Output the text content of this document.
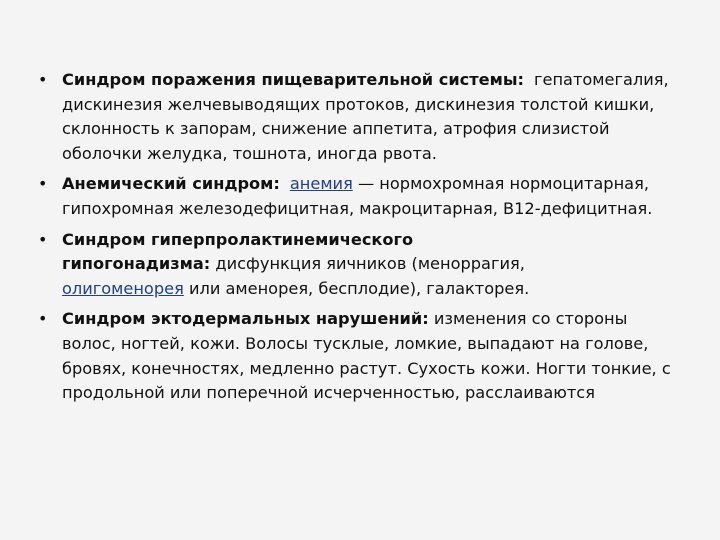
• Синдром поражения пищеварительной системы: гепатомегалия, дискинезия желчевыводящих протоков, дискинезия толстой кишки, склонность к запорам, снижение аппетита, атрофия слизистой оболочки желудка, тошнота, иногда рвота.
• Анемический синдром: анемия — нормохромная нормоцитарная, гипохромная железодефицитная, макроцитарная, B12-дефицитная.
• Синдром гиперпролактинемического
гипогонадизма: дисфункция яичников (меноррагия,
олигоменорея или аменорея, бесплодие), галакторея.
• Синдром эктодермальных нарушений: изменения со стороны волос, ногтей, кожи. Волосы тусклые, ломкие, выпадают на голове, бровях, конечностях, медленно растут. Сухость кожи. Ногти тонкие, с продольной или поперечной исчерченностью, расслаиваются
